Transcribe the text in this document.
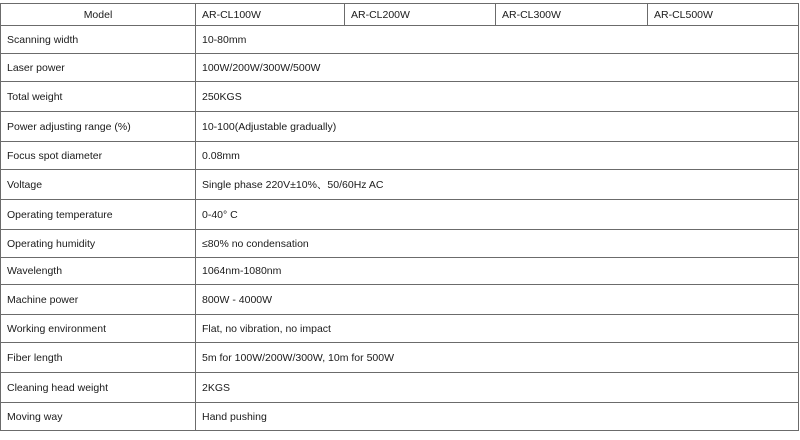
Model	AR-CL100W	AR-CL200W	AR-CL300W	AR-CL500W
Scanning width	10-80mm			
Laser power	100W/200W/300W/500W			
Total weight	250KGS			
Power adjusting range (%)	10-100(Adjustable gradually)			
Focus spot diameter	0.08mm			
Voltage	Single phase 220V±10%、50/60Hz AC			
Operating temperature	0-40° C			
Operating humidity	≤80% no condensation			
Wavelength	1064nm-1080nm			
Machine power	800W - 4000W			
Working environment	Flat, no vibration, no impact			
Fiber length	5m for 100W/200W/300W, 10m for 500W			
Cleaning head weight	2KGS			
Moving way	Hand pushing			
